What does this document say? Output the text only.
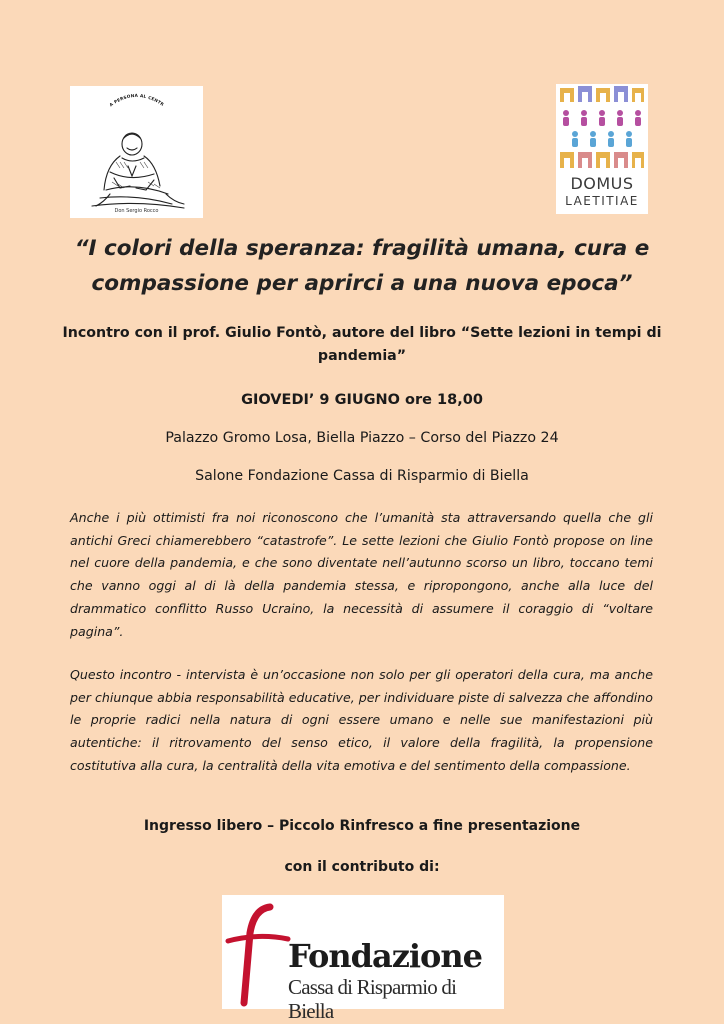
A PERSONA AL CENTR
Don Sergio Rocco
DOMUS
LAETITIAE
“I colori della speranza: fragilità umana, cura e compassione per aprirci a una nuova epoca”
Incontro con il prof. Giulio Fontò, autore del libro “Sette lezioni in tempi di pandemia”
GIOVEDI’ 9 GIUGNO ore 18,00
Palazzo Gromo Losa, Biella Piazzo – Corso del Piazzo 24
Salone Fondazione Cassa di Risparmio di Biella
Anche i più ottimisti fra noi riconoscono che l’umanità sta attraversando quella che gli antichi Greci chiamerebbero “catastrofe”. Le sette lezioni che Giulio Fontò propose on line nel cuore della pandemia, e che sono diventate nell’autunno scorso un libro, toccano temi che vanno oggi al di là della pandemia stessa, e ripropongono, anche alla luce del drammatico conflitto Russo Ucraino, la necessità di assumere il coraggio di “voltare pagina”.
Questo incontro - intervista è un’occasione non solo per gli operatori della cura, ma anche per chiunque abbia responsabilità educative, per individuare piste di salvezza che affondino le proprie radici nella natura di ogni essere umano e nelle sue manifestazioni più autentiche: il ritrovamento del senso etico, il valore della fragilità, la propensione costitutiva alla cura, la centralità della vita emotiva e del sentimento della compassione.
Ingresso libero – Piccolo Rinfresco a fine presentazione
con il contributo di:
Fondazione
Cassa di Risparmio di Biella
